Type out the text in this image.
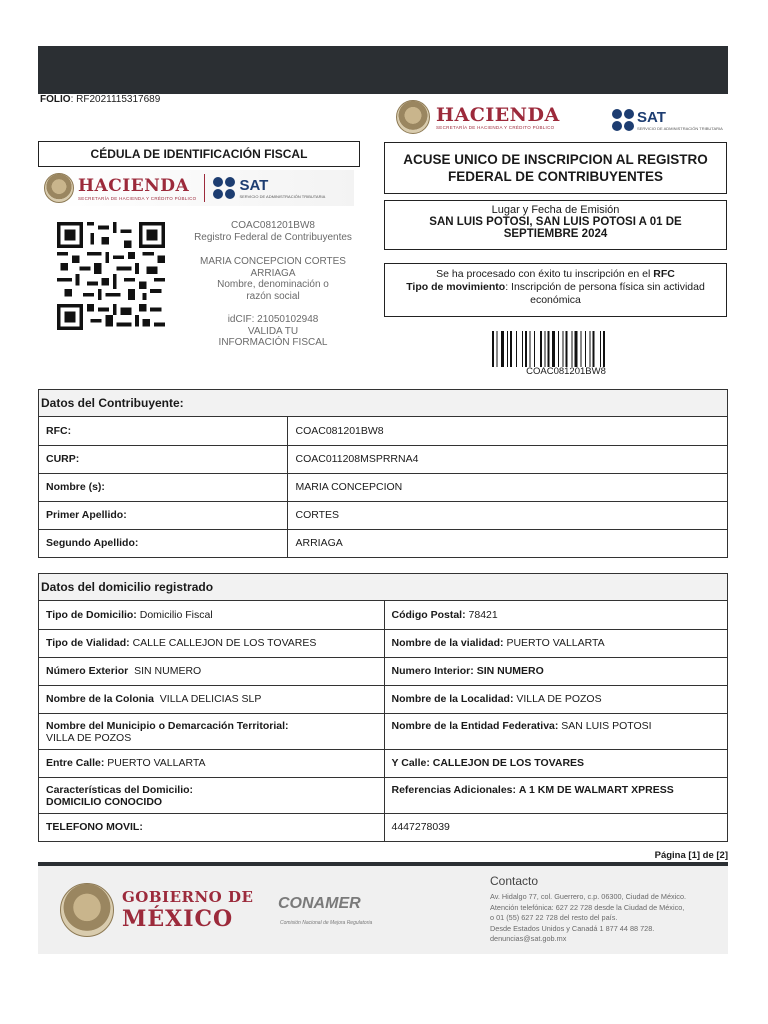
FOLIO: RF2021115317689
HACIENDA
SECRETARÍA DE HACIENDA Y CRÉDITO PÚBLICO
SAT
SERVICIO DE ADMINISTRACIÓN TRIBUTARIA
CÉDULA DE IDENTIFICACIÓN FISCAL
HACIENDA
SECRETARÍA DE HACIENDA Y CRÉDITO PÚBLICO
SAT
SERVICIO DE ADMINISTRACIÓN TRIBUTARIA
COAC081201BW8
Registro Federal de Contribuyentes
MARIA CONCEPCION CORTES ARRIAGA
Nombre, denominación o razón social
idCIF: 21050102948
VALIDA TU INFORMACIÓN FISCAL
ACUSE UNICO DE INSCRIPCION AL REGISTRO FEDERAL DE CONTRIBUYENTES
Lugar y Fecha de Emisión
SAN LUIS POTOSI, SAN LUIS POTOSI A 01 DE SEPTIEMBRE 2024
Se ha procesado con éxito tu inscripción en el RFC
Tipo de movimiento: Inscripción de persona física sin actividad económica
COAC081201BW8
Datos del Contribuyente:
RFC:	COAC081201BW8
CURP:	COAC011208MSPRRNA4
Nombre (s):	MARIA CONCEPCION
Primer Apellido:	CORTES
Segundo Apellido:	ARRIAGA
Datos del domicilio registrado
Tipo de Domicilio: Domicilio Fiscal	Código Postal: 78421
Tipo de Vialidad: CALLE CALLEJON DE LOS TOVARES	Nombre de la vialidad: PUERTO VALLARTA
Número Exterior SIN NUMERO	Numero Interior: SIN NUMERO
Nombre de la Colonia VILLA DELICIAS SLP	Nombre de la Localidad: VILLA DE POZOS

Nombre del Municipio o Demarcación Territorial:
VILLA DE POZOS	Nombre de la Entidad Federativa: SAN LUIS POTOSI
Entre Calle: PUERTO VALLARTA	Y Calle: CALLEJON DE LOS TOVARES

Características del Domicilio:
DOMICILIO CONOCIDO	Referencias Adicionales: A 1 KM DE WALMART XPRESS
TELEFONO MOVIL:	4447278039
Página [1] de [2]
GOBIERNO DE
MÉXICO
CONAMER
Comisión Nacional de Mejora Regulatoria
Contacto
Av. Hidalgo 77, col. Guerrero, c.p. 06300, Ciudad de México.
Atención telefónica: 627 22 728 desde la Ciudad de México,
o 01 (55) 627 22 728 del resto del país.
Desde Estados Unidos y Canadá 1 877 44 88 728.
denuncias@sat.gob.mx
